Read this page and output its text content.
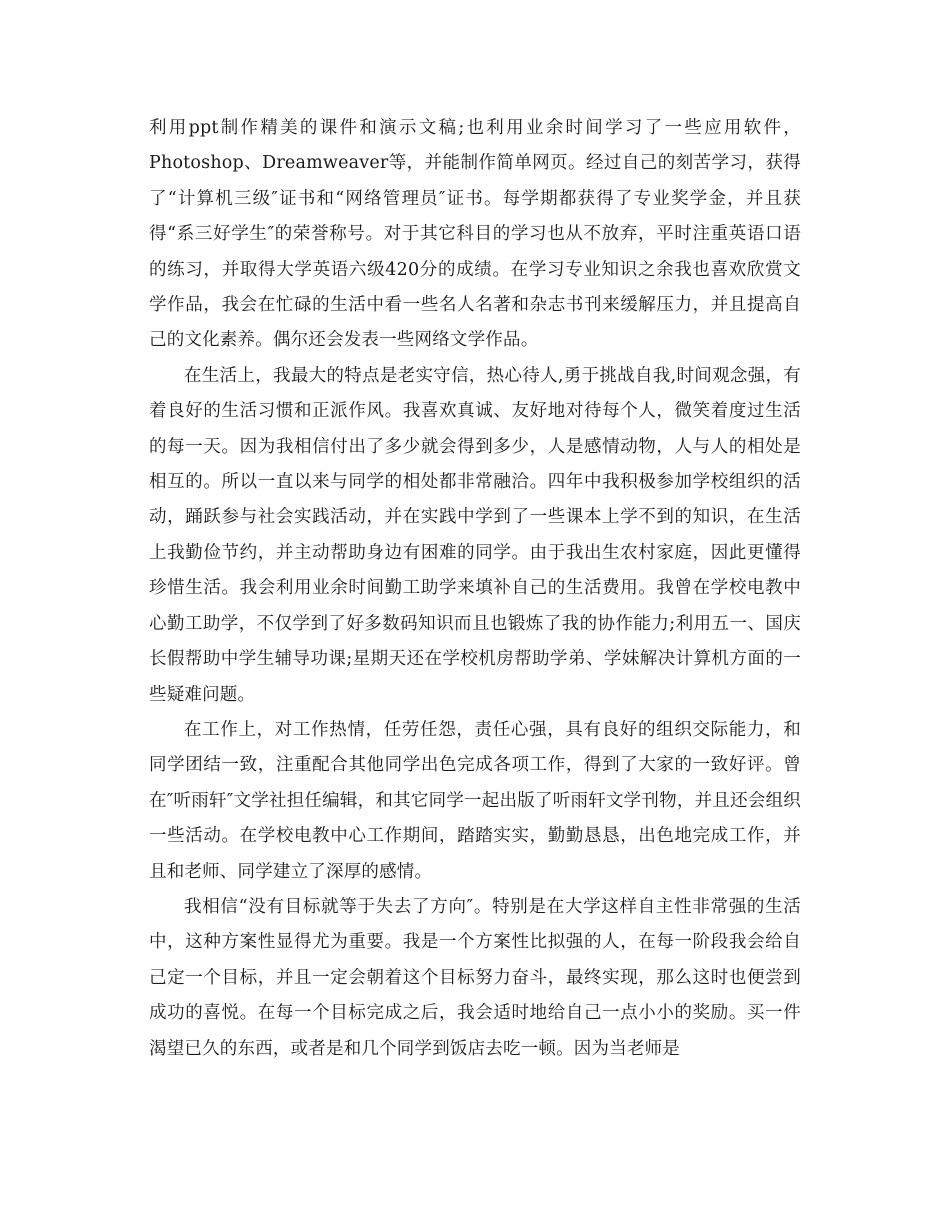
利用ppt制作精美的课件和演示文稿;也利用业余时间学习了一些应用软件，Photoshop、Dreamweaver等，并能制作简单网页。经过自己的刻苦学习，获得了“计算机三级″证书和“网络管理员″证书。每学期都获得了专业奖学金，并且获得“系三好学生″的荣誉称号。对于其它科目的学习也从不放弃，平时注重英语口语的练习，并取得大学英语六级420分的成绩。在学习专业知识之余我也喜欢欣赏文学作品，我会在忙碌的生活中看一些名人名著和杂志书刊来缓解压力，并且提高自己的文化素养。偶尔还会发表一些网络文学作品。

在生活上，我最大的特点是老实守信，热心待人,勇于挑战自我,时间观念强，有着良好的生活习惯和正派作风。我喜欢真诚、友好地对待每个人，微笑着度过生活的每一天。因为我相信付出了多少就会得到多少，人是感情动物，人与人的相处是相互的。所以一直以来与同学的相处都非常融洽。四年中我积极参加学校组织的活动，踊跃参与社会实践活动，并在实践中学到了一些课本上学不到的知识，在生活上我勤俭节约，并主动帮助身边有困难的同学。由于我出生农村家庭，因此更懂得珍惜生活。我会利用业余时间勤工助学来填补自己的生活费用。我曾在学校电教中心勤工助学，不仅学到了好多数码知识而且也锻炼了我的协作能力;利用五一、国庆长假帮助中学生辅导功课;星期天还在学校机房帮助学弟、学妹解决计算机方面的一些疑难问题。

在工作上，对工作热情，任劳任怨，责任心强，具有良好的组织交际能力，和同学团结一致，注重配合其他同学出色完成各项工作，得到了大家的一致好评。曾在″听雨轩″文学社担任编辑，和其它同学一起出版了听雨轩文学刊物，并且还会组织一些活动。在学校电教中心工作期间，踏踏实实，勤勤恳恳，出色地完成工作，并且和老师、同学建立了深厚的感情。

我相信“没有目标就等于失去了方向″。特别是在大学这样自主性非常强的生活中，这种方案性显得尤为重要。我是一个方案性比拟强的人，在每一阶段我会给自己定一个目标，并且一定会朝着这个目标努力奋斗，最终实现，那么这时也便尝到成功的喜悦。在每一个目标完成之后，我会适时地给自己一点小小的奖励。买一件渴望已久的东西，或者是和几个同学到饭店去吃一顿。因为当老师是
